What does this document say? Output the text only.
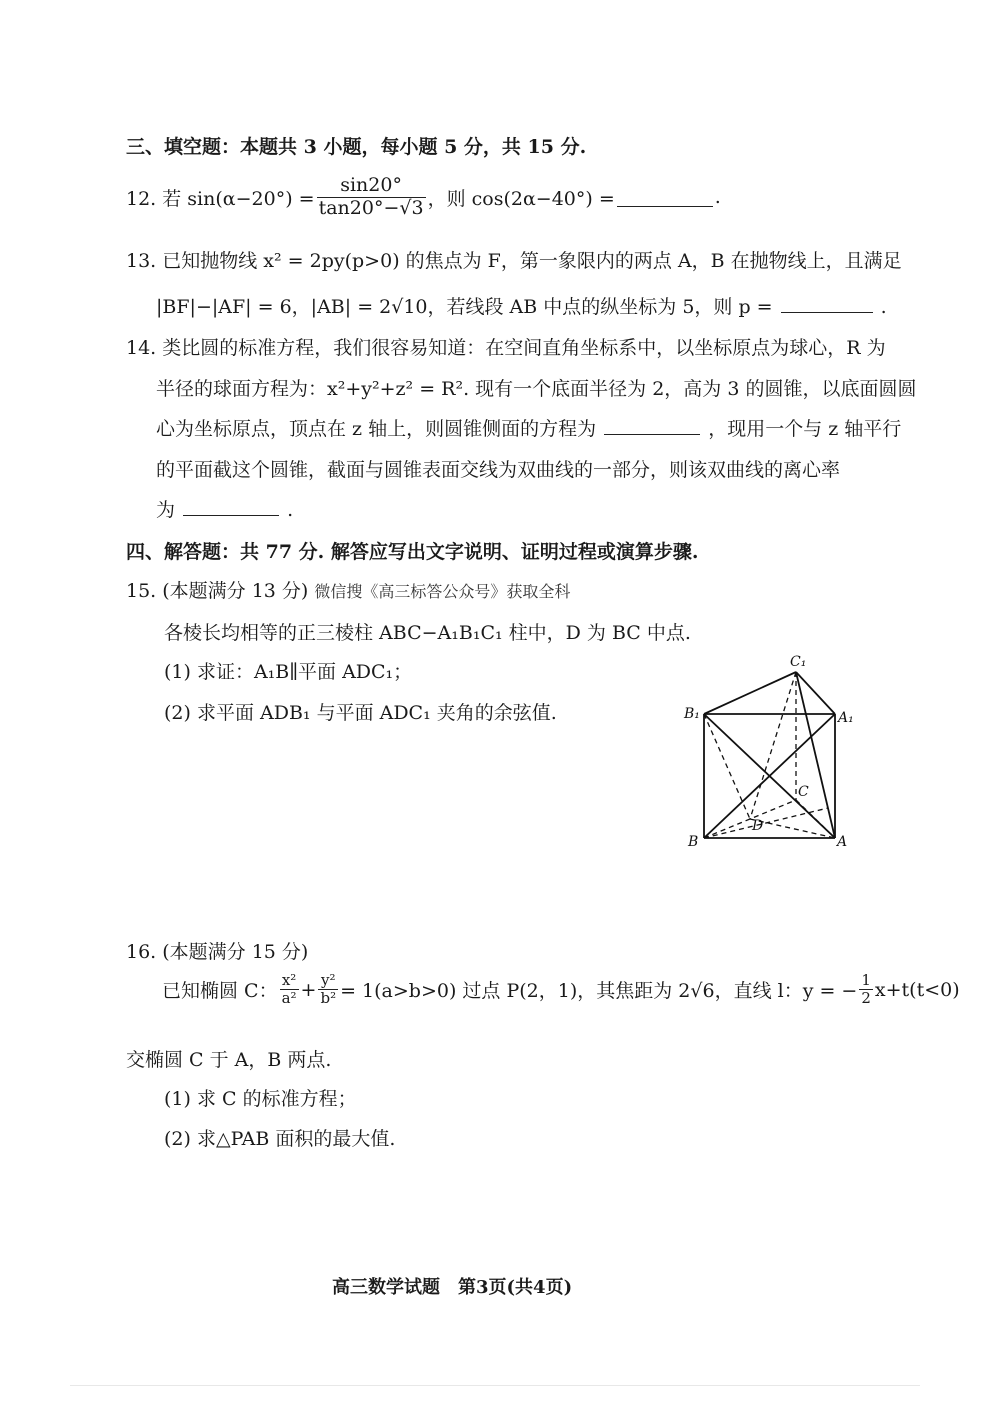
三、填空题：本题共 3 小题，每小题 5 分，共 15 分.
12. 若 $\sin(\alpha-20^\circ) = \frac{\sin 20^\circ}{\tan 20^\circ-√3}$ ，则 cos(2α−40°) =	.
13. 已知抛物线 x² = 2py(p>0) 的焦点为 F，第一象限内的两点 A，B 在抛物线上，且满足
|BF|−|AF| = 6，|AB| = 2√10，若线段 AB 中点的纵坐标为 5，则 p =	.
14. 类比圆的标准方程，我们很容易知道：在空间直角坐标系中，以坐标原点为球心，R 为
半径的球面方程为：x²+y²+z² = R². 现有一个底面半径为 2，高为 3 的圆锥，以底面圆圆
心为坐标原点，顶点在 z 轴上，则圆锥侧面的方程为	，现用一个与 z 轴平行
的平面截这个圆锥，截面与圆锥表面交线为双曲线的一部分，则该双曲线的离心率
为	.
四、解答题：共 77 分. 解答应写出文字说明、证明过程或演算步骤.
15. (本题满分 13 分) 微信搜《高三标答公众号》获取全科
各棱长均相等的正三棱柱 ABC−A₁B₁C₁ 柱中，D 为 BC 中点.
(1) 求证：A₁B∥平面 ADC₁；
(2) 求平面 ADB₁ 与平面 ADC₁ 夹角的余弦值.
C₁
B₁	A₁
C
D
B	A
16. (本题满分 15 分)
已知椭圆 C： $\frac{\text{x²}}{\text{a²}} + \frac{\text{y²}}{\text{b²}} = 1(a>b>0)$ 过点 P(2，1)，其焦距为 2√6，直线 l：y = − $\frac{1}{2} x+t(t<0)$
交椭圆 C 于 A，B 两点.
(1) 求 C 的标准方程；
(2) 求△PAB 面积的最大值.
高三数学试题　第3页(共4页)
